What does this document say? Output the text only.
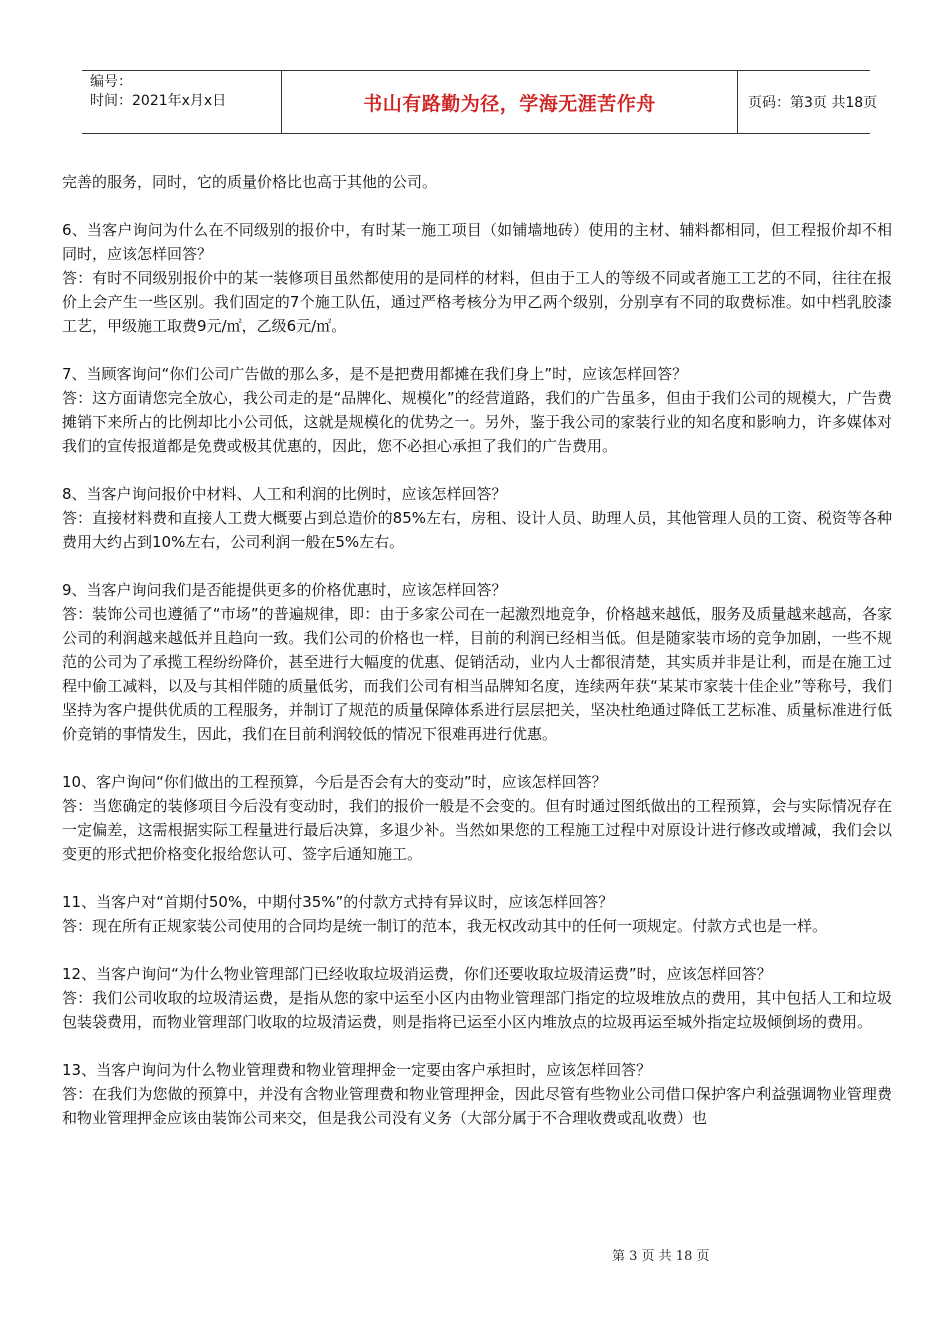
编号：
时间：2021年x月x日	书山有路勤为径，学海无涯苦作舟	页码：第3页 共18页

完善的服务，同时，它的质量价格比也高于其他的公司。

6、当客户询问为什么在不同级别的报价中，有时某一施工项目（如铺墙地砖）使用的主材、辅料都相同，但工程报价却不相同时，应该怎样回答？

答：有时不同级别报价中的某一装修项目虽然都使用的是同样的材料，但由于工人的等级不同或者施工工艺的不同，往往在报价上会产生一些区别。我们固定的7个施工队伍，通过严格考核分为甲乙两个级别，分别享有不同的取费标准。如中档乳胶漆工艺，甲级施工取费9元/㎡，乙级6元/㎡。

7、当顾客询问“你们公司广告做的那么多，是不是把费用都摊在我们身上”时，应该怎样回答？

答：这方面请您完全放心，我公司走的是“品牌化、规模化”的经营道路，我们的广告虽多，但由于我们公司的规模大，广告费摊销下来所占的比例却比小公司低，这就是规模化的优势之一。另外，鉴于我公司的家装行业的知名度和影响力，许多媒体对我们的宣传报道都是免费或极其优惠的，因此，您不必担心承担了我们的广告费用。

8、当客户询问报价中材料、人工和利润的比例时，应该怎样回答？

答：直接材料费和直接人工费大概要占到总造价的85%左右，房租、设计人员、助理人员，其他管理人员的工资、税资等各种费用大约占到10%左右，公司利润一般在5%左右。

9、当客户询问我们是否能提供更多的价格优惠时，应该怎样回答？

答：装饰公司也遵循了“市场”的普遍规律，即：由于多家公司在一起激烈地竞争，价格越来越低，服务及质量越来越高，各家公司的利润越来越低并且趋向一致。我们公司的价格也一样，目前的利润已经相当低。但是随家装市场的竞争加剧，一些不规范的公司为了承揽工程纷纷降价，甚至进行大幅度的优惠、促销活动，业内人士都很清楚，其实质并非是让利，而是在施工过程中偷工减料，以及与其相伴随的质量低劣，而我们公司有相当品牌知名度，连续两年获“某某市家装十佳企业”等称号，我们坚持为客户提供优质的工程服务，并制订了规范的质量保障体系进行层层把关，坚决杜绝通过降低工艺标准、质量标准进行低价竞销的事情发生，因此，我们在目前利润较低的情况下很难再进行优惠。

10、客户询问“你们做出的工程预算，今后是否会有大的变动”时，应该怎样回答？

答：当您确定的装修项目今后没有变动时，我们的报价一般是不会变的。但有时通过图纸做出的工程预算，会与实际情况存在一定偏差，这需根据实际工程量进行最后决算，多退少补。当然如果您的工程施工过程中对原设计进行修改或增减，我们会以变更的形式把价格变化报给您认可、签字后通知施工。

11、当客户对“首期付50%，中期付35%”的付款方式持有异议时，应该怎样回答？

答：现在所有正规家装公司使用的合同均是统一制订的范本，我无权改动其中的任何一项规定。付款方式也是一样。

12、当客户询问“为什么物业管理部门已经收取垃圾消运费，你们还要收取垃圾清运费”时，应该怎样回答？

答：我们公司收取的垃圾清运费，是指从您的家中运至小区内由物业管理部门指定的垃圾堆放点的费用，其中包括人工和垃圾包装袋费用，而物业管理部门收取的垃圾清运费，则是指将已运至小区内堆放点的垃圾再运至城外指定垃圾倾倒场的费用。

13、当客户询问为什么物业管理费和物业管理押金一定要由客户承担时，应该怎样回答？

答：在我们为您做的预算中，并没有含物业管理费和物业管理押金，因此尽管有些物业公司借口保护客户利益强调物业管理费和物业管理押金应该由装饰公司来交，但是我公司没有义务（大部分属于不合理收费或乱收费）也

第 3 页 共 18 页
